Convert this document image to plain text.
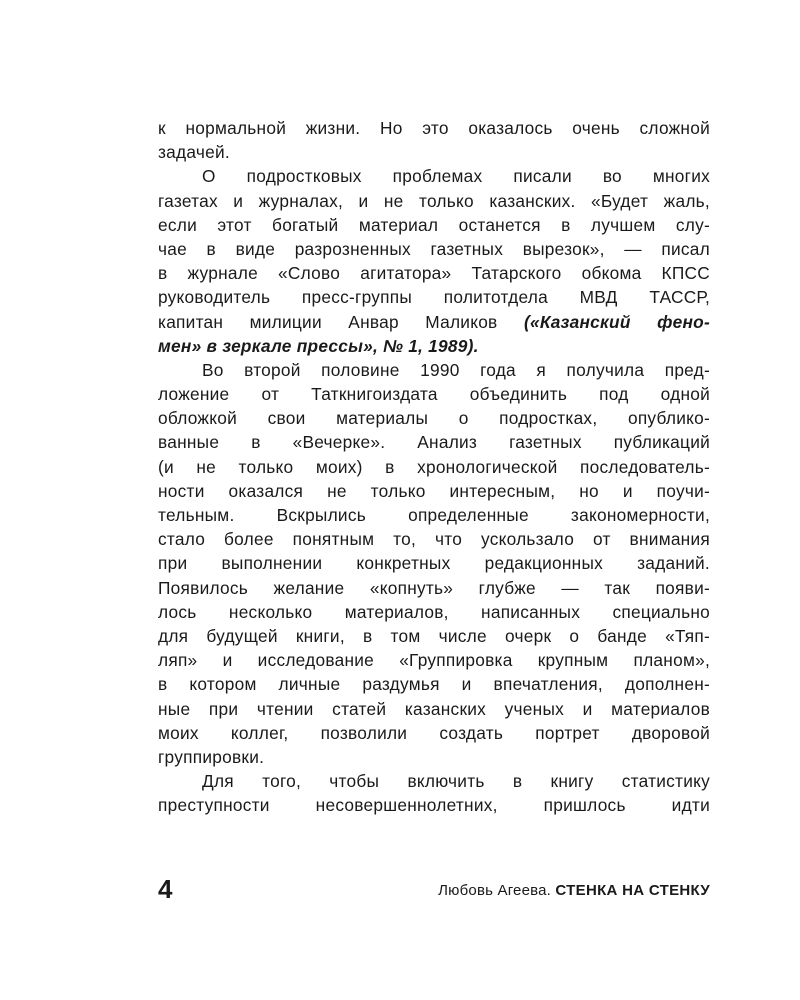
к нормальной жизни. Но это оказалось очень сложной
задачей.
О подростковых проблемах писали во многих
газетах и журналах, и не только казанских. «Будет жаль,
если этот богатый материал останется в лучшем слу-
чае в виде разрозненных газетных вырезок», — писал
в журнале «Слово агитатора» Татарского обкома КПСС
руководитель пресс-группы политотдела МВД ТАССР,
капитан милиции Анвар Маликов («Казанский фено-
мен» в зеркале прессы», № 1, 1989).
Во второй половине 1990 года я получила пред-
ложение от Таткнигоиздата объединить под одной
обложкой свои материалы о подростках, опублико-
ванные в «Вечерке». Анализ газетных публикаций
(и не только моих) в хронологической последователь-
ности оказался не только интересным, но и поучи-
тельным. Вскрылись определенные закономерности,
стало более понятным то, что ускользало от внимания
при выполнении конкретных редакционных заданий.
Появилось желание «копнуть» глубже — так появи-
лось несколько материалов, написанных специально
для будущей книги, в том числе очерк о банде «Тяп-
ляп» и исследование «Группировка крупным планом»,
в котором личные раздумья и впечатления, дополнен-
ные при чтении статей казанских ученых и материалов
моих коллег, позволили создать портрет дворовой
группировки.
Для того, чтобы включить в книгу статистику
преступности несовершеннолетних, пришлось идти
4	Любовь Агеева. СТЕНКА НА СТЕНКУ
